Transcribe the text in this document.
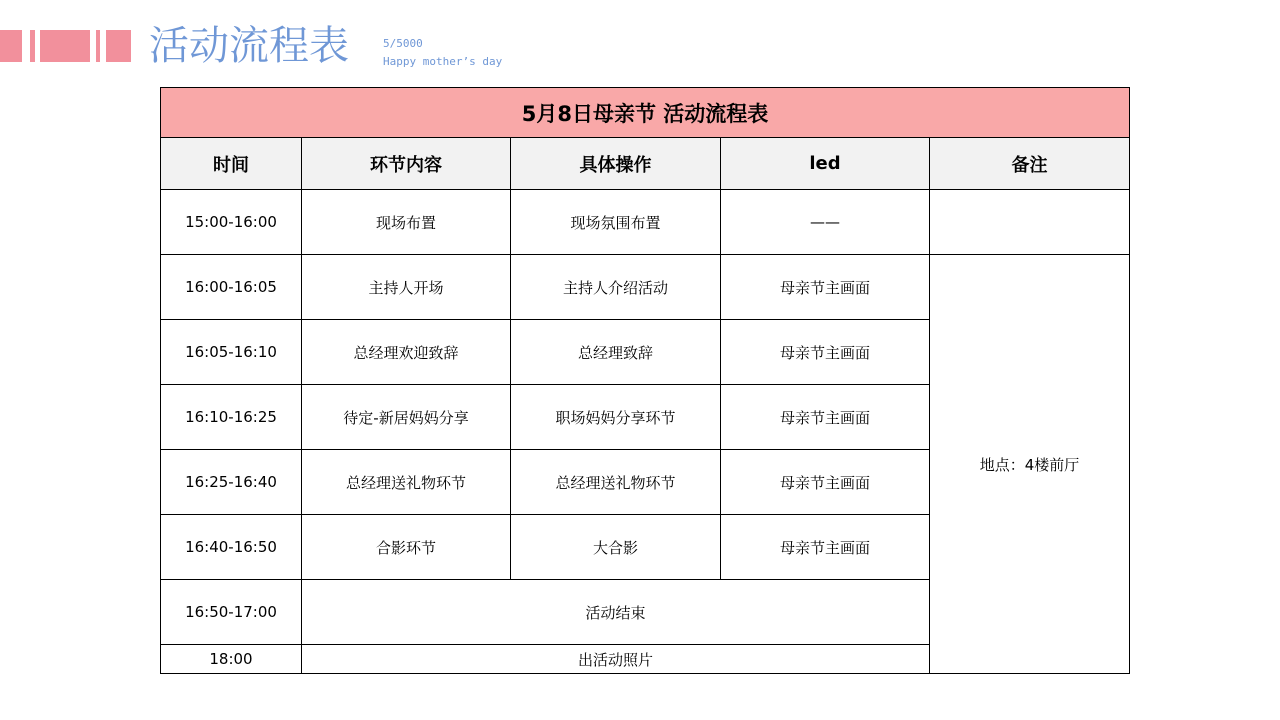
活动流程表	5/5000
Happy mother’s day
5月8日母亲节 活动流程表					
时间	环节内容	具体操作	led	备注	
15:00-16:00	现场布置	现场氛围布置	——		
16:00-16:05	主持人开场	主持人介绍活动	母亲节主画面	地点：4楼前厅	
16:05-16:10	总经理欢迎致辞	总经理致辞	母亲节主画面		
16:10-16:25	待定-新居妈妈分享	职场妈妈分享环节	母亲节主画面		
16:25-16:40	总经理送礼物环节	总经理送礼物环节	母亲节主画面		
16:40-16:50	合影环节	大合影	母亲节主画面		
16:50-17:00	活动结束				
18:00	出活动照片				
